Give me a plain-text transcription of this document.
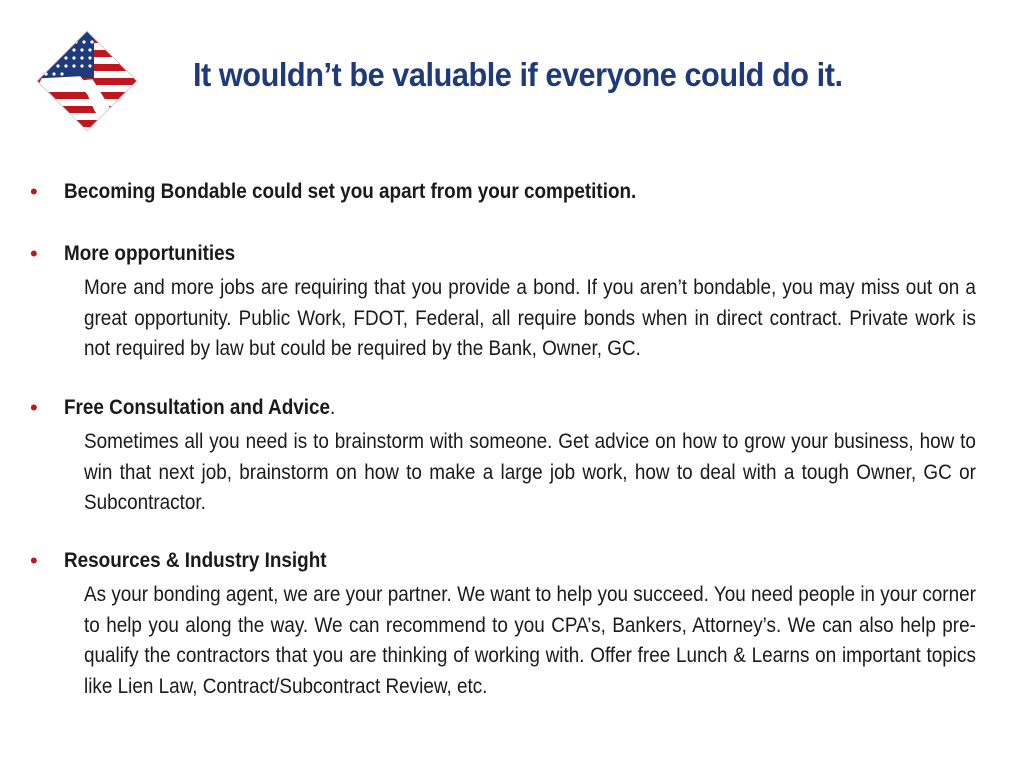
It wouldn’t be valuable if everyone could do it.
• Becoming Bondable could set you apart from your competition.
• More opportunities
More and more jobs are requiring that you provide a bond. If you aren’t bondable, you may miss out on a great opportunity. Public Work, FDOT, Federal, all require bonds when in direct contract. Private work is not required by law but could be required by the Bank, Owner, GC.
• Free Consultation and Advice.
Sometimes all you need is to brainstorm with someone. Get advice on how to grow your business, how to win that next job, brainstorm on how to make a large job work, how to deal with a tough Owner, GC or Subcontractor.
• Resources & Industry Insight
As your bonding agent, we are your partner. We want to help you succeed. You need people in your corner to help you along the way. We can recommend to you CPA’s, Bankers, Attorney’s. We can also help pre-qualify the contractors that you are thinking of working with. Offer free Lunch & Learns on important topics like Lien Law, Contract/Subcontract Review, etc.
